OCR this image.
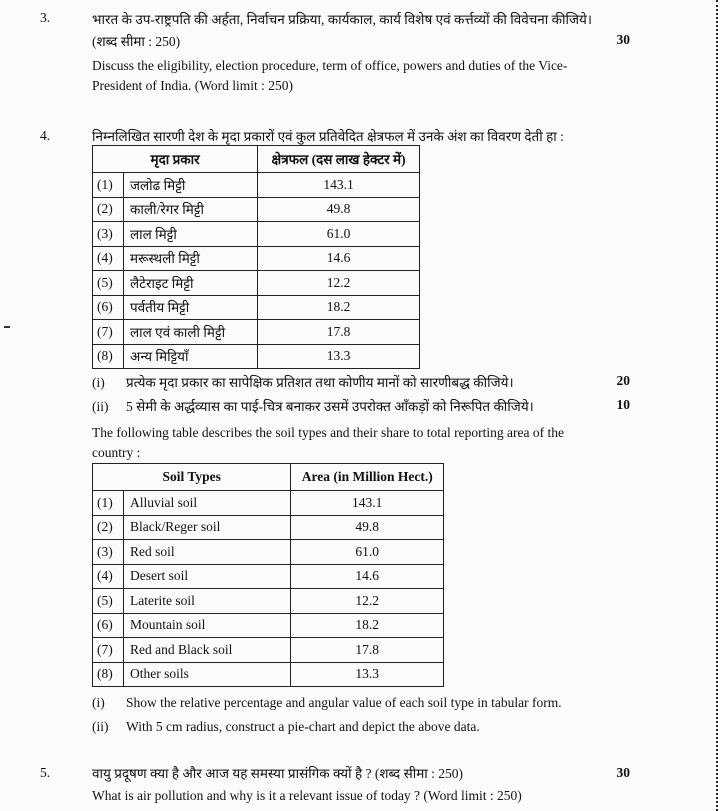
3.	भारत के उप-राष्ट्रपति की अर्हता, निर्वाचन प्रक्रिया, कार्यकाल, कार्य विशेष एवं कर्त्तव्यों की विवेचना कीजिये।
(शब्द सीमा : 250)	30
Discuss the eligibility, election procedure, term of office, powers and duties of the Vice-
President of India. (Word limit : 250)
4.	निम्नलिखित सारणी देश के मृदा प्रकारों एवं कुल प्रतिवेदित क्षेत्रफल में उनके अंश का विवरण देती हा :
मृदा प्रकार		क्षेत्रफल (दस लाख हेक्टर में)
(1)	जलोढ मिट्टी	143.1
(2)	काली/रेगर मिट्टी	49.8
(3)	लाल मिट्टी	61.0
(4)	मरूस्थली मिट्टी	14.6
(5)	लैटेराइट मिट्टी	12.2
(6)	पर्वतीय मिट्टी	18.2
(7)	लाल एवं काली मिट्टी	17.8
(8)	अन्य मिट्टियाँ	13.3
(i) प्रत्येक मृदा प्रकार का सापेक्षिक प्रतिशत तथा कोणीय मानों को सारणीबद्ध कीजिये।	20
(ii) 5 सेमी के अर्द्धव्यास का पाई-चित्र बनाकर उसमें उपरोक्त आँकड़ों को निरूपित कीजिये।	10
The following table describes the soil types and their share to total reporting area of the
country :
Soil Types		Area (in Million Hect.)
(1)	Alluvial soil	143.1
(2)	Black/Reger soil	49.8
(3)	Red soil	61.0
(4)	Desert soil	14.6
(5)	Laterite soil	12.2
(6)	Mountain soil	18.2
(7)	Red and Black soil	17.8
(8)	Other soils	13.3
(i) Show the relative percentage and angular value of each soil type in tabular form.
(ii) With 5 cm radius, construct a pie-chart and depict the above data.
5.	वायु प्रदूषण क्या है और आज यह समस्या प्रासंगिक क्यों है ? (शब्द सीमा : 250)	30
What is air pollution and why is it a relevant issue of today ? (Word limit : 250)
